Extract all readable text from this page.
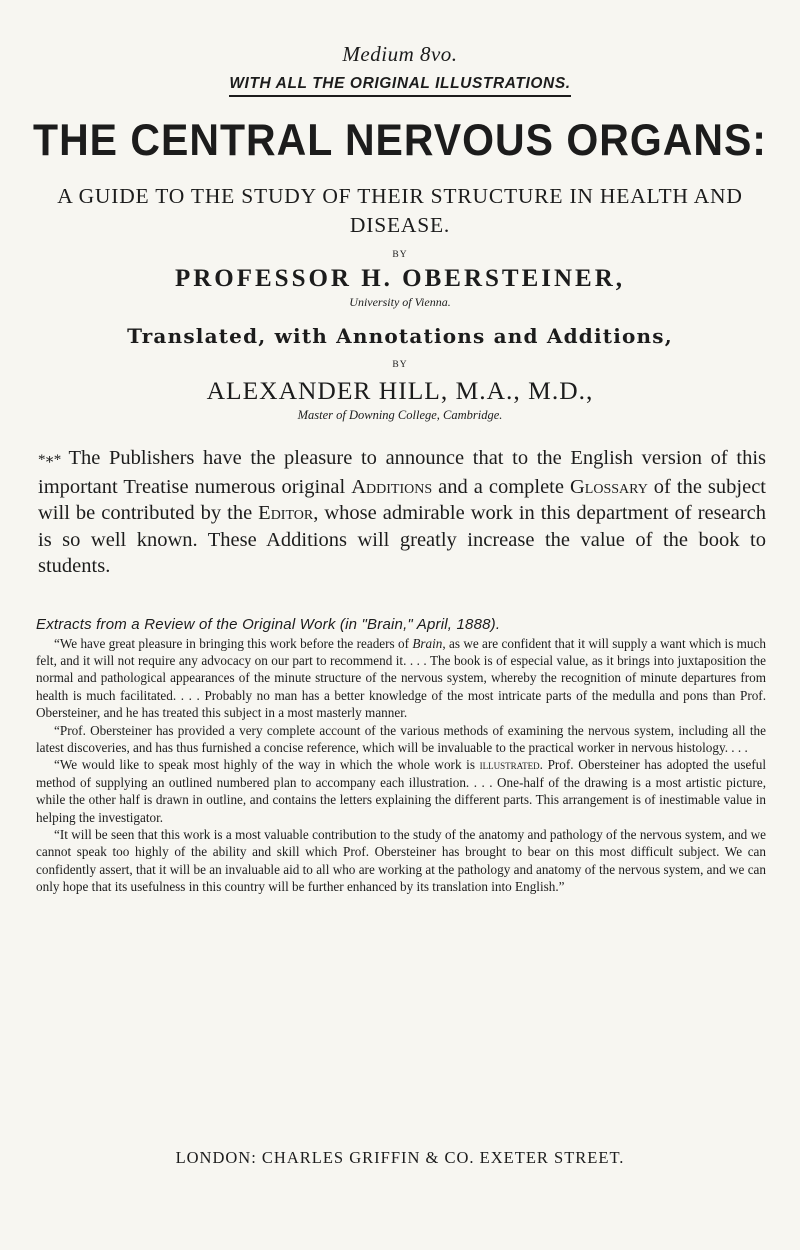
Medium 8vo.
WITH ALL THE ORIGINAL ILLUSTRATIONS.
THE CENTRAL NERVOUS ORGANS:
A GUIDE TO THE STUDY OF THEIR STRUCTURE IN HEALTH AND DISEASE.
BY
PROFESSOR H. OBERSTEINER,
University of Vienna.
Translated, with Annotations and Additions,
BY
ALEXANDER HILL, M.A., M.D.,
Master of Downing College, Cambridge.
*∗* The Publishers have the pleasure to announce that to the English version of this important Treatise numerous original Additions and a complete Glossary of the subject will be contributed by the Editor, whose admirable work in this department of research is so well known. These Additions will greatly increase the value of the book to students.
Extracts from a Review of the Original Work (in "Brain," April, 1888).

“We have great pleasure in bringing this work before the readers of Brain, as we are confident that it will supply a want which is much felt, and it will not require any advocacy on our part to recommend it. . . . The book is of especial value, as it brings into juxtaposition the normal and pathological appearances of the minute structure of the nervous system, whereby the recognition of minute departures from health is much facilitated. . . . Probably no man has a better knowledge of the most intricate parts of the medulla and pons than Prof. Obersteiner, and he has treated this subject in a most masterly manner.

“Prof. Obersteiner has provided a very complete account of the various methods of examining the nervous system, including all the latest discoveries, and has thus furnished a concise reference, which will be invaluable to the practical worker in nervous histology. . . .

“We would like to speak most highly of the way in which the whole work is illustrated. Prof. Obersteiner has adopted the useful method of supplying an outlined numbered plan to accompany each illustration. . . . One-half of the drawing is a most artistic picture, while the other half is drawn in outline, and contains the letters explaining the different parts. This arrangement is of inestimable value in helping the investigator.

“It will be seen that this work is a most valuable contribution to the study of the anatomy and pathology of the nervous system, and we cannot speak too highly of the ability and skill which Prof. Obersteiner has brought to bear on this most difficult subject. We can confidently assert, that it will be an invaluable aid to all who are working at the pathology and anatomy of the nervous system, and we can only hope that its usefulness in this country will be further enhanced by its translation into English.”

LONDON: CHARLES GRIFFIN & CO. EXETER STREET.
